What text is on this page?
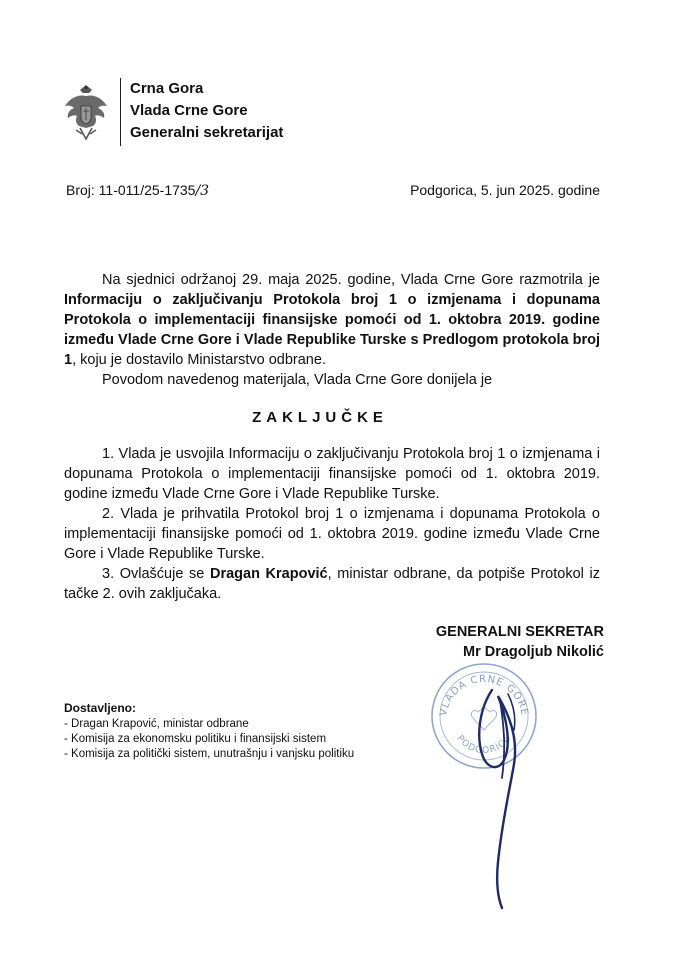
Crna Gora
Vlada Crne Gore
Generalni sekretarijat
Broj: 11-011/25-1735/3	Podgorica, 5. jun 2025. godine

Na sjednici održanoj 29. maja 2025. godine, Vlada Crne Gore razmotrila je Informaciju o zaključivanju Protokola broj 1 o izmjenama i dopunama Protokola o implementaciji finansijske pomoći od 1. oktobra 2019. godine između Vlade Crne Gore i Vlade Republike Turske s Predlogom protokola broj 1, koju je dostavilo Ministarstvo odbrane.

Povodom navedenog materijala, Vlada Crne Gore donijela je

ZAKLJUČKE

1. Vlada je usvojila Informaciju o zaključivanju Protokola broj 1 o izmjenama i dopunama Protokola o implementaciji finansijske pomoći od 1. oktobra 2019. godine između Vlade Crne Gore i Vlade Republike Turske.

2. Vlada je prihvatila Protokol broj 1 o izmjenama i dopunama Protokola o implementaciji finansijske pomoći od 1. oktobra 2019. godine između Vlade Crne Gore i Vlade Republike Turske.

3. Ovlašćuje se Dragan Krapović, ministar odbrane, da potpiše Protokol iz tačke 2. ovih zaključaka.

GENERALNI SEKRETAR
Mr Dragoljub Nikolić
VLADA CRNE GORE
PODGORICA
Dostavljeno:
- Dragan Krapović, ministar odbrane
- Komisija za ekonomsku politiku i finansijski sistem
- Komisija za politički sistem, unutrašnju i vanjsku politiku
